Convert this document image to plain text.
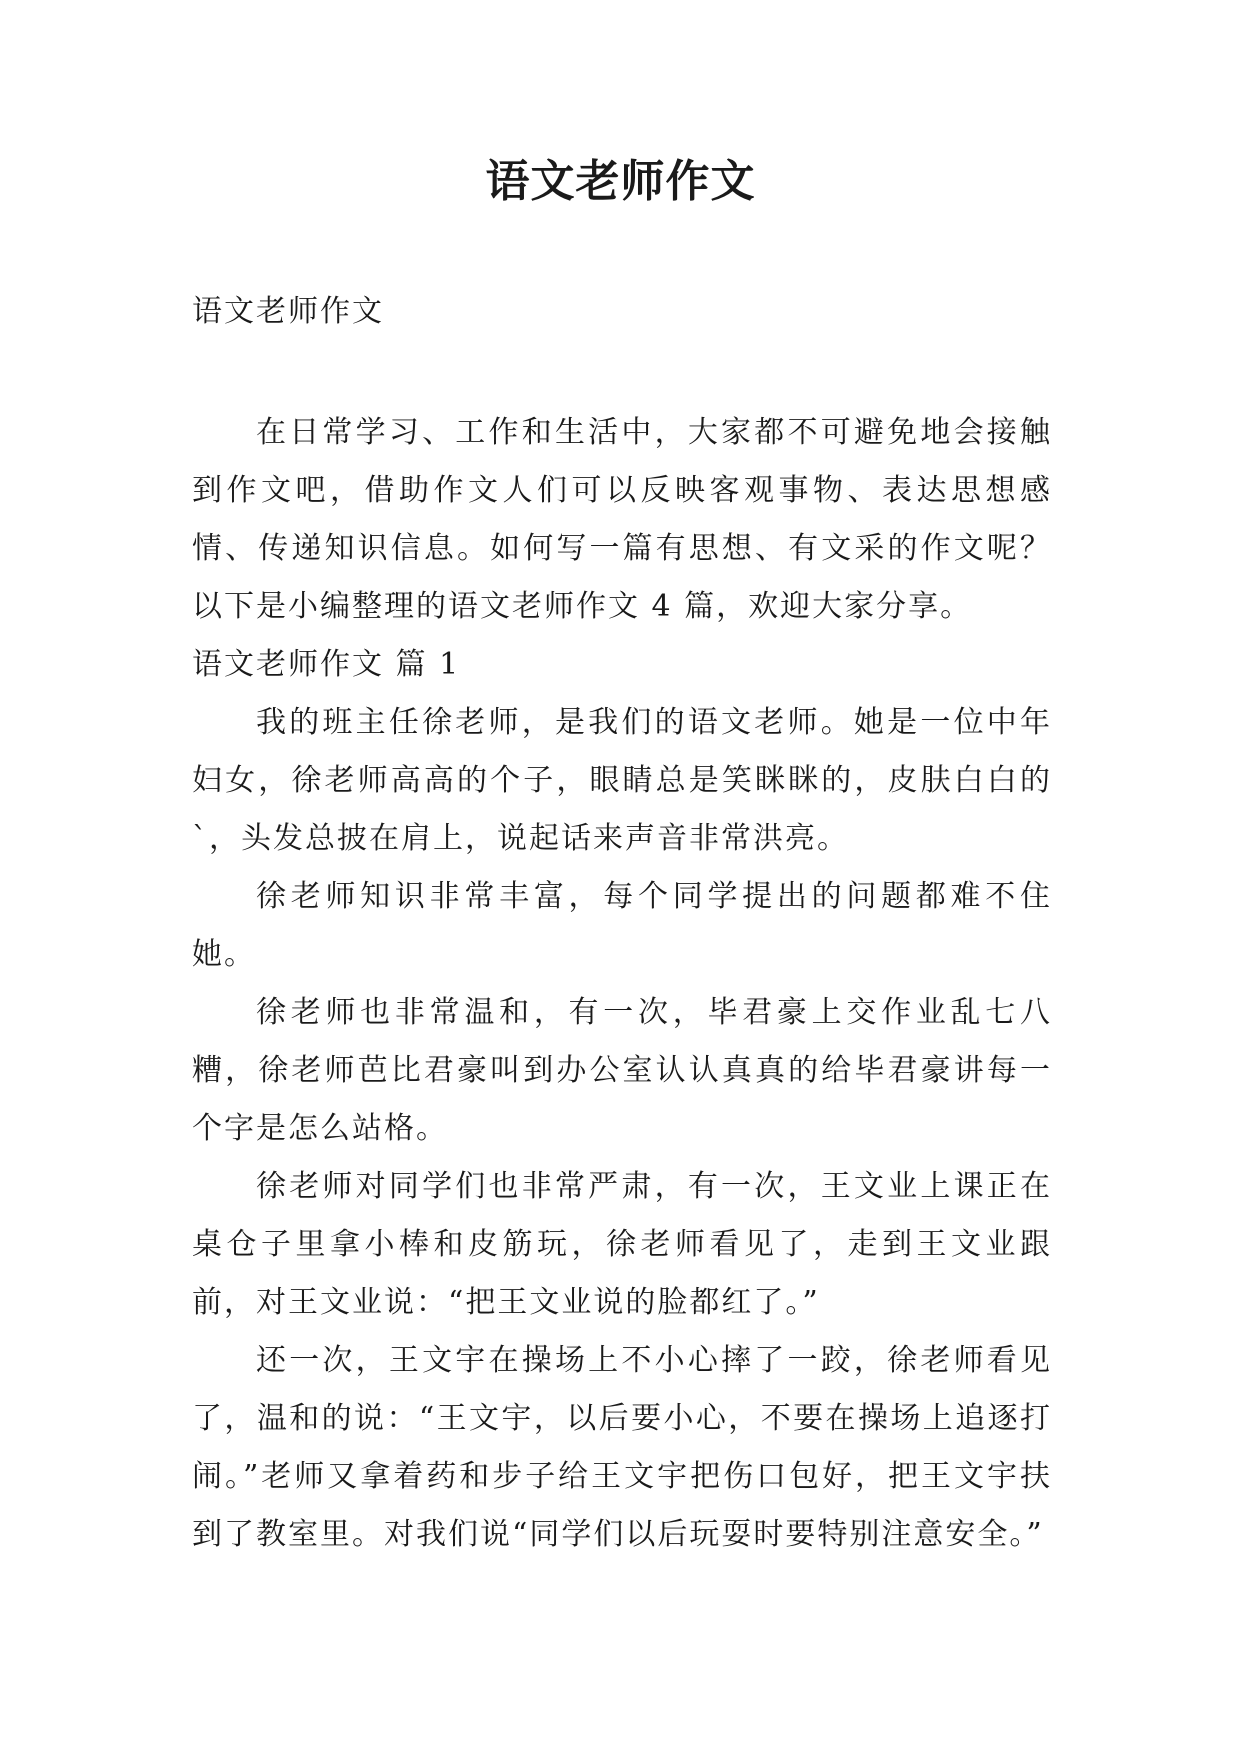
语文老师作文

语文老师作文

在日常学习、工作和生活中，大家都不可避免地会接触到作文吧，借助作文人们可以反映客观事物、表达思想感情、传递知识信息。如何写一篇有思想、有文采的作文呢？以下是小编整理的语文老师作文 4 篇，欢迎大家分享。

语文老师作文 篇 1

我的班主任徐老师，是我们的语文老师。她是一位中年妇女，徐老师高高的个子，眼睛总是笑眯眯的，皮肤白白的`，头发总披在肩上，说起话来声音非常洪亮。

徐老师知识非常丰富，每个同学提出的问题都难不住她。

徐老师也非常温和，有一次，毕君豪上交作业乱七八糟，徐老师芭比君豪叫到办公室认认真真的给毕君豪讲每一个字是怎么站格。

徐老师对同学们也非常严肃，有一次，王文业上课正在桌仓子里拿小棒和皮筋玩，徐老师看见了，走到王文业跟前，对王文业说：“把王文业说的脸都红了。”

还一次，王文宇在操场上不小心摔了一跤，徐老师看见了，温和的说：“王文宇，以后要小心，不要在操场上追逐打闹。”老师又拿着药和步子给王文宇把伤口包好，把王文宇扶到了教室里。对我们说“同学们以后玩耍时要特别注意安全。”
